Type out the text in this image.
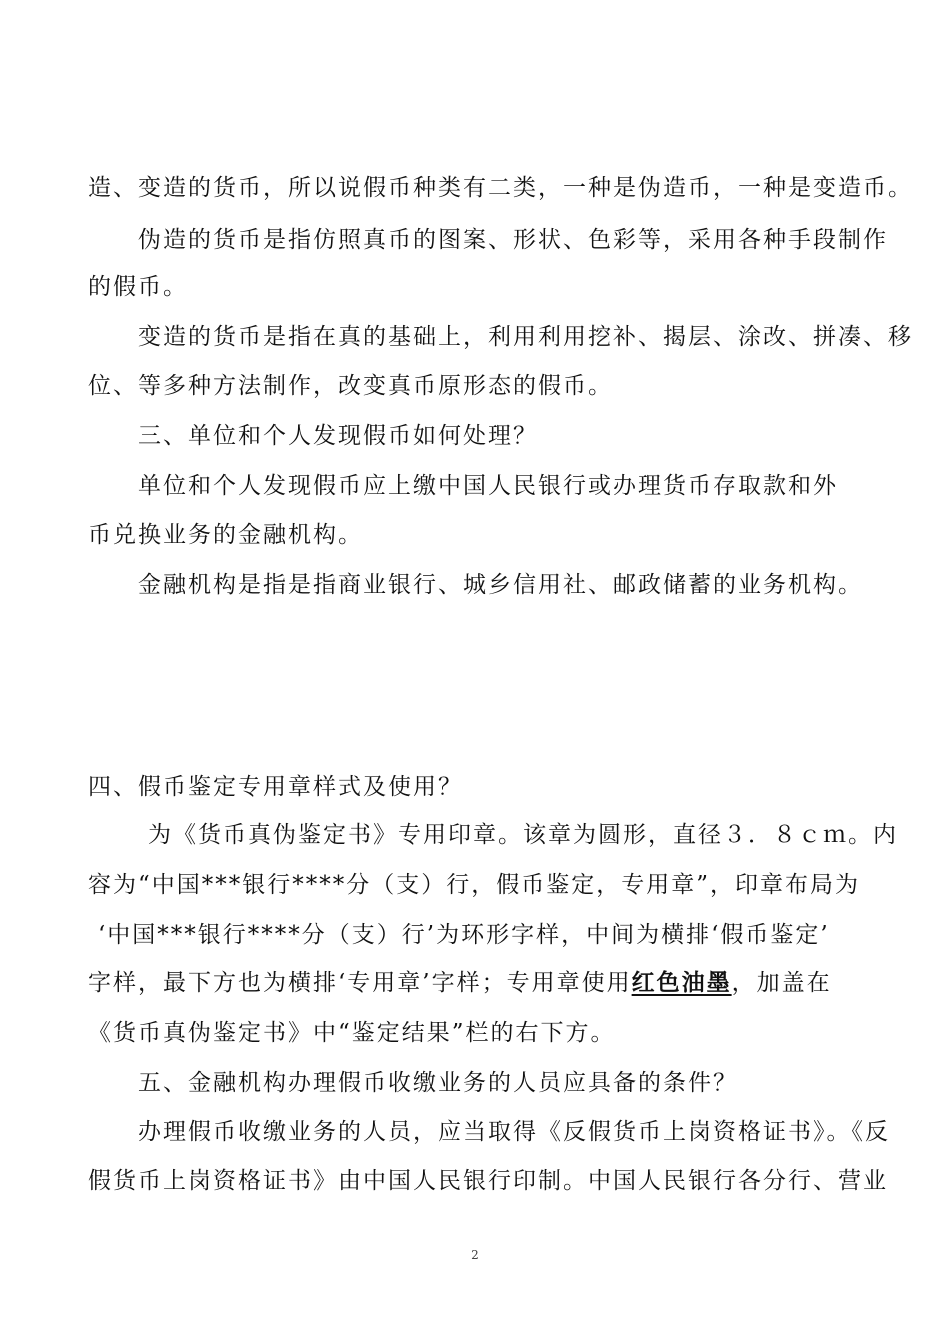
造、变造的货币，所以说假币种类有二类，一种是伪造币，一种是变造币。
伪造的货币是指仿照真币的图案、形状、色彩等，采用各种手段制作
的假币。
变造的货币是指在真的基础上，利用利用挖补、揭层、涂改、拼凑、移
位、等多种方法制作，改变真币原形态的假币。
三、单位和个人发现假币如何处理？
单位和个人发现假币应上缴中国人民银行或办理货币存取款和外
币兑换业务的金融机构。
金融机构是指是指商业银行、城乡信用社、邮政储蓄的业务机构。
四、假币鉴定专用章样式及使用？
为《货币真伪鉴定书》专用印章。该章为圆形，直径３．８ｃｍ。内
容为“中国***银行****分（支）行，假币鉴定，专用章”，印章布局为
‘中国***银行****分（支）行’为环形字样，中间为横排‘假币鉴定’
字样，最下方也为横排‘专用章’字样；专用章使用红色油墨，加盖在
《货币真伪鉴定书》中“鉴定结果”栏的右下方。
五、金融机构办理假币收缴业务的人员应具备的条件？
办理假币收缴业务的人员，应当取得《反假货币上岗资格证书》。《反
假货币上岗资格证书》由中国人民银行印制。中国人民银行各分行、营业
2
